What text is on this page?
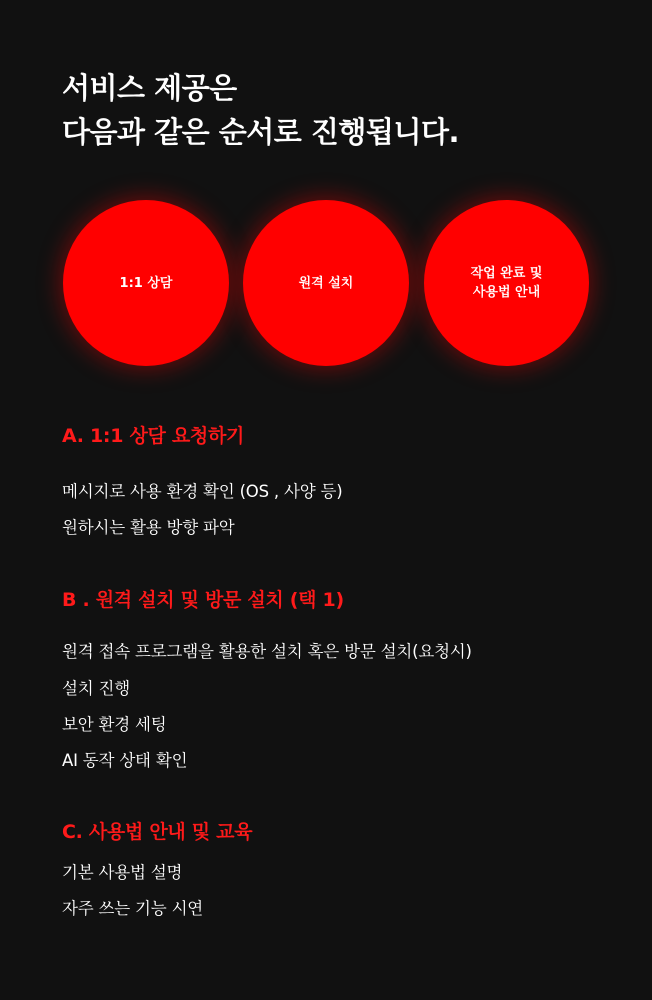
서비스 제공은
다음과 같은 순서로 진행됩니다.
1:1 상담	원격 설치
작업 완료 및
사용법 안내
A. 1:1 상담 요청하기
메시지로 사용 환경 확인 (OS , 사양 등)
원하시는 활용 방향 파악
B . 원격 설치 및 방문 설치 (택 1)
원격 접속 프로그램을 활용한 설치 혹은 방문 설치(요청시)
설치 진행
보안 환경 세팅
AI 동작 상태 확인
C. 사용법 안내 및 교육
기본 사용법 설명
자주 쓰는 기능 시연
